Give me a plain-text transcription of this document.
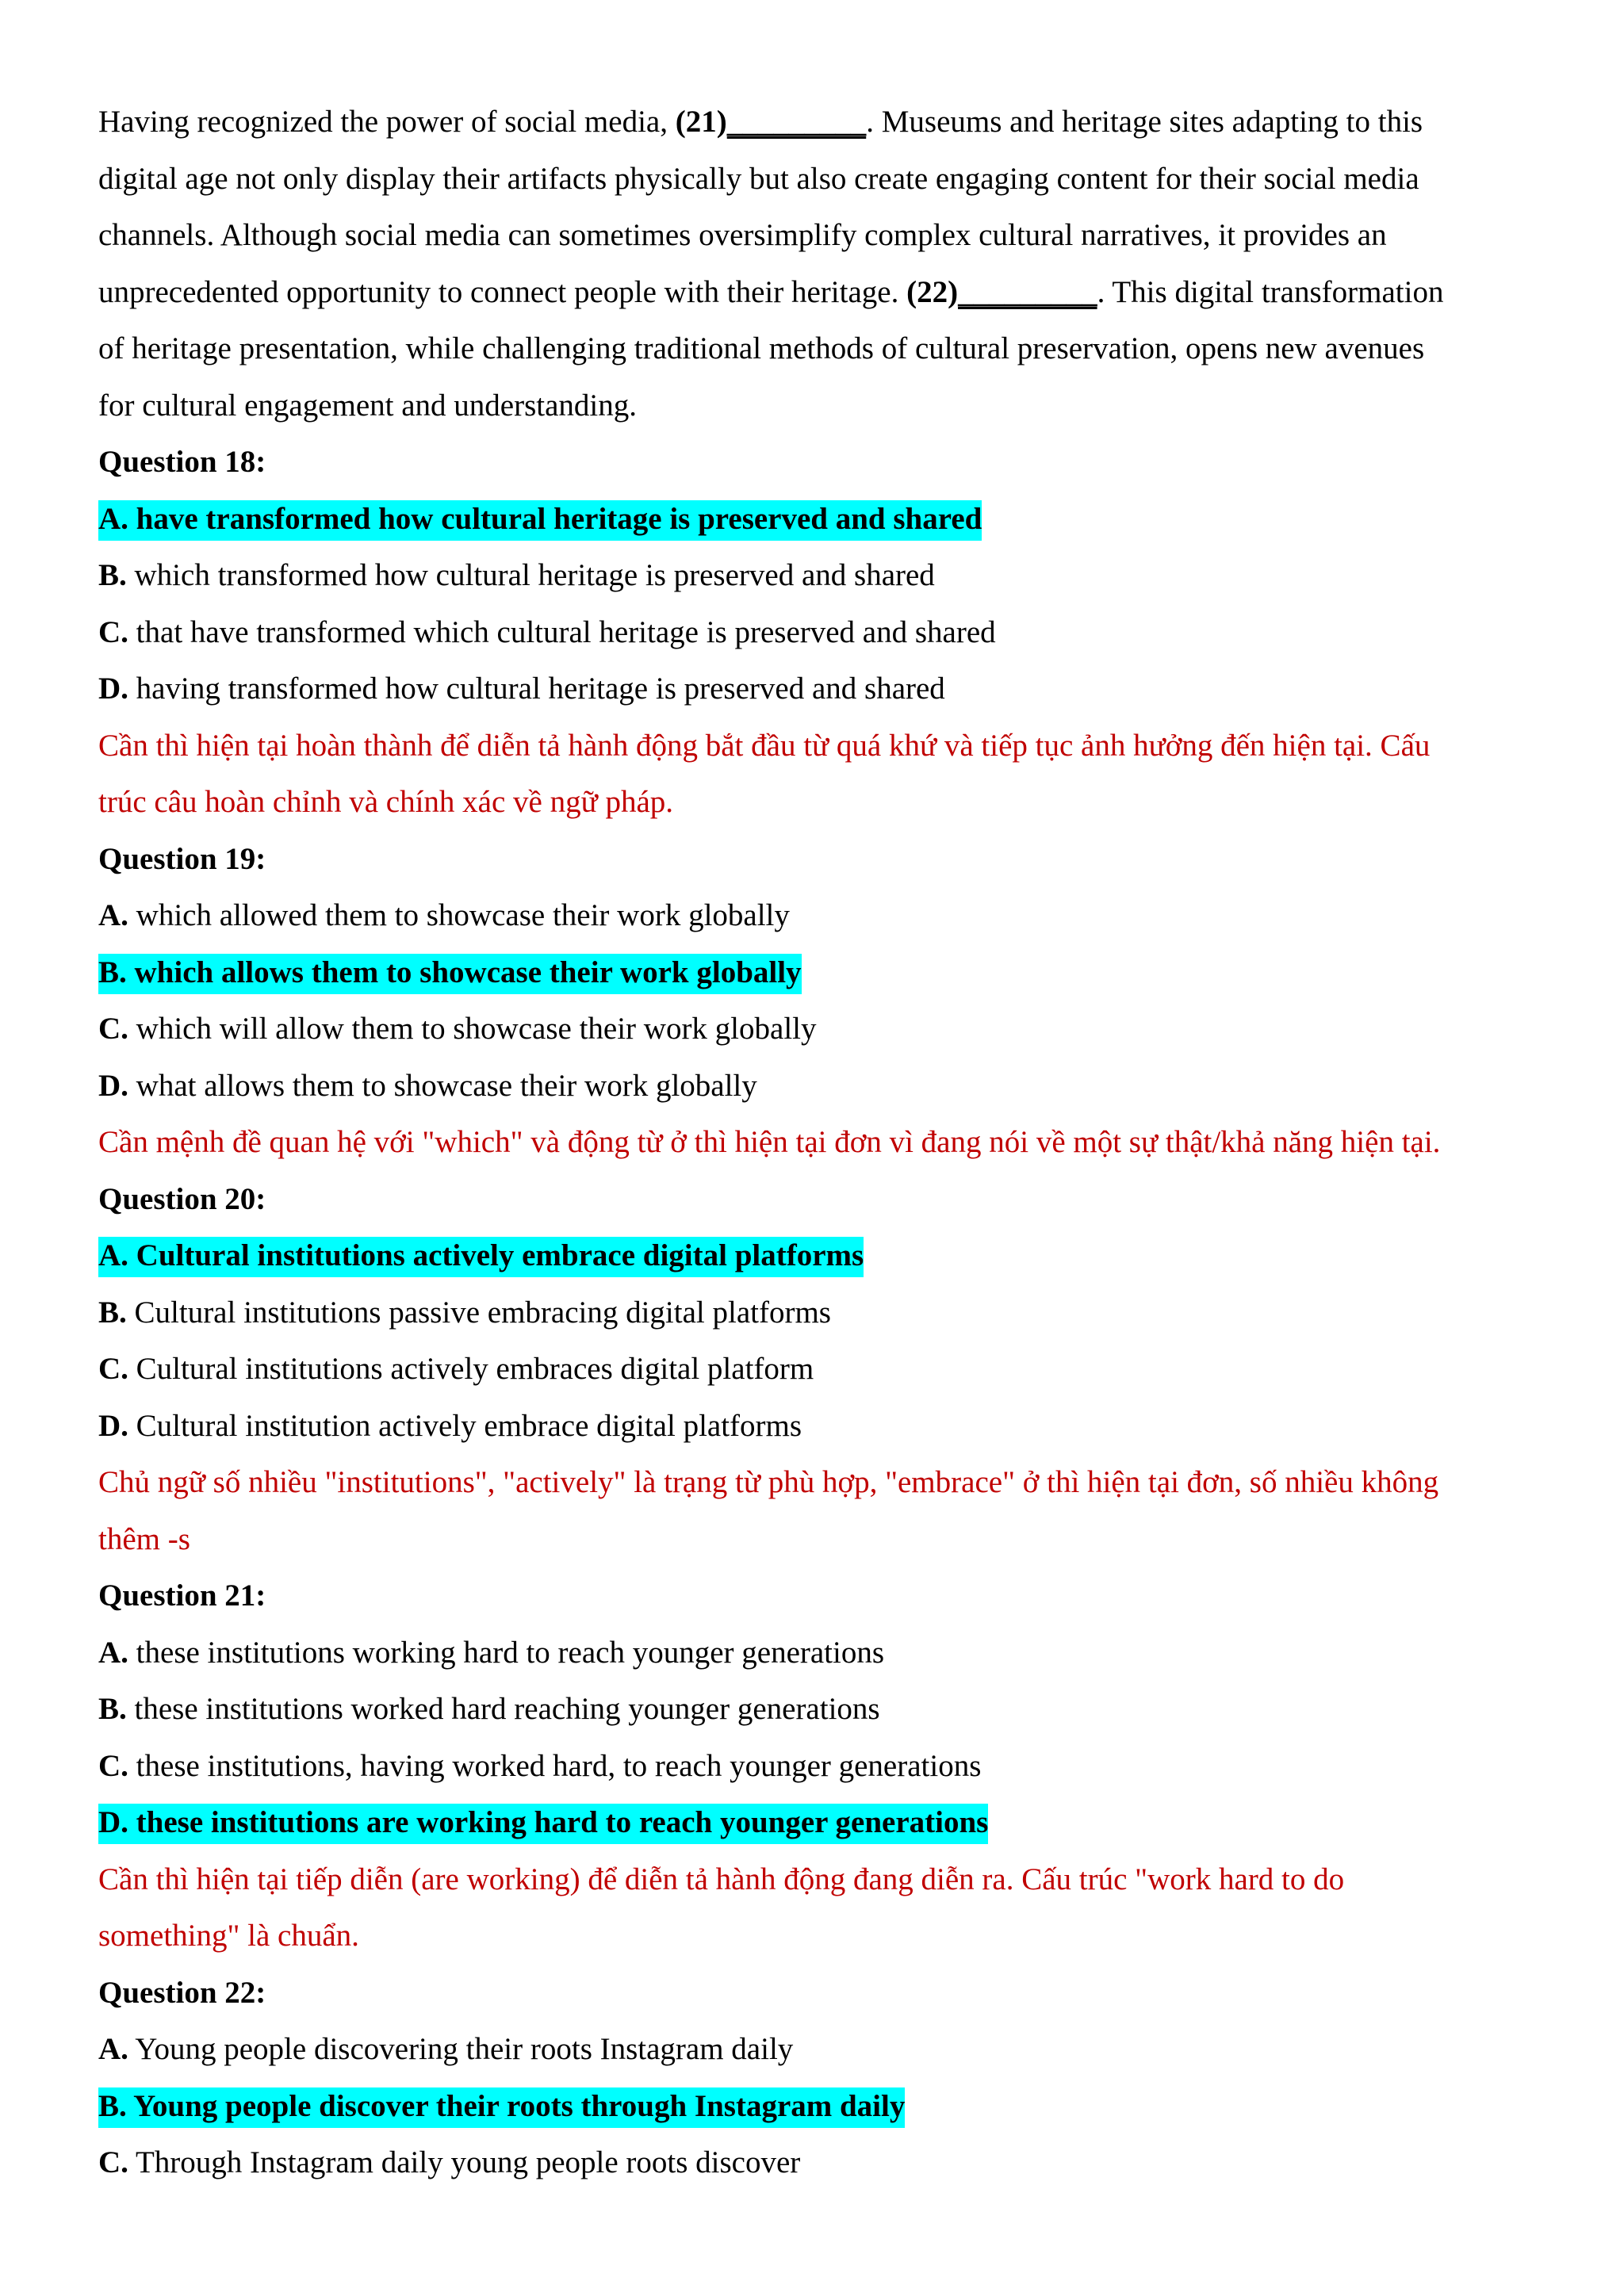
Having recognized the power of social media, (21)_________. Museums and heritage sites adapting to this
digital age not only display their artifacts physically but also create engaging content for their social media
channels. Although social media can sometimes oversimplify complex cultural narratives, it provides an
unprecedented opportunity to connect people with their heritage. (22)_________. This digital transformation
of heritage presentation, while challenging traditional methods of cultural preservation, opens new avenues
for cultural engagement and understanding.
Question 18:
A. have transformed how cultural heritage is preserved and shared
B. which transformed how cultural heritage is preserved and shared
C. that have transformed which cultural heritage is preserved and shared
D. having transformed how cultural heritage is preserved and shared
Cần thì hiện tại hoàn thành để diễn tả hành động bắt đầu từ quá khứ và tiếp tục ảnh hưởng đến hiện tại. Cấu
trúc câu hoàn chỉnh và chính xác về ngữ pháp.
Question 19:
A. which allowed them to showcase their work globally
B. which allows them to showcase their work globally
C. which will allow them to showcase their work globally
D. what allows them to showcase their work globally
Cần mệnh đề quan hệ với "which" và động từ ở thì hiện tại đơn vì đang nói về một sự thật/khả năng hiện tại.
Question 20:
A. Cultural institutions actively embrace digital platforms
B. Cultural institutions passive embracing digital platforms
C. Cultural institutions actively embraces digital platform
D. Cultural institution actively embrace digital platforms
Chủ ngữ số nhiều "institutions", "actively" là trạng từ phù hợp, "embrace" ở thì hiện tại đơn, số nhiều không
thêm -s
Question 21:
A. these institutions working hard to reach younger generations
B. these institutions worked hard reaching younger generations
C. these institutions, having worked hard, to reach younger generations
D. these institutions are working hard to reach younger generations
Cần thì hiện tại tiếp diễn (are working) để diễn tả hành động đang diễn ra. Cấu trúc "work hard to do
something" là chuẩn.
Question 22:
A. Young people discovering their roots Instagram daily
B. Young people discover their roots through Instagram daily
C. Through Instagram daily young people roots discover
